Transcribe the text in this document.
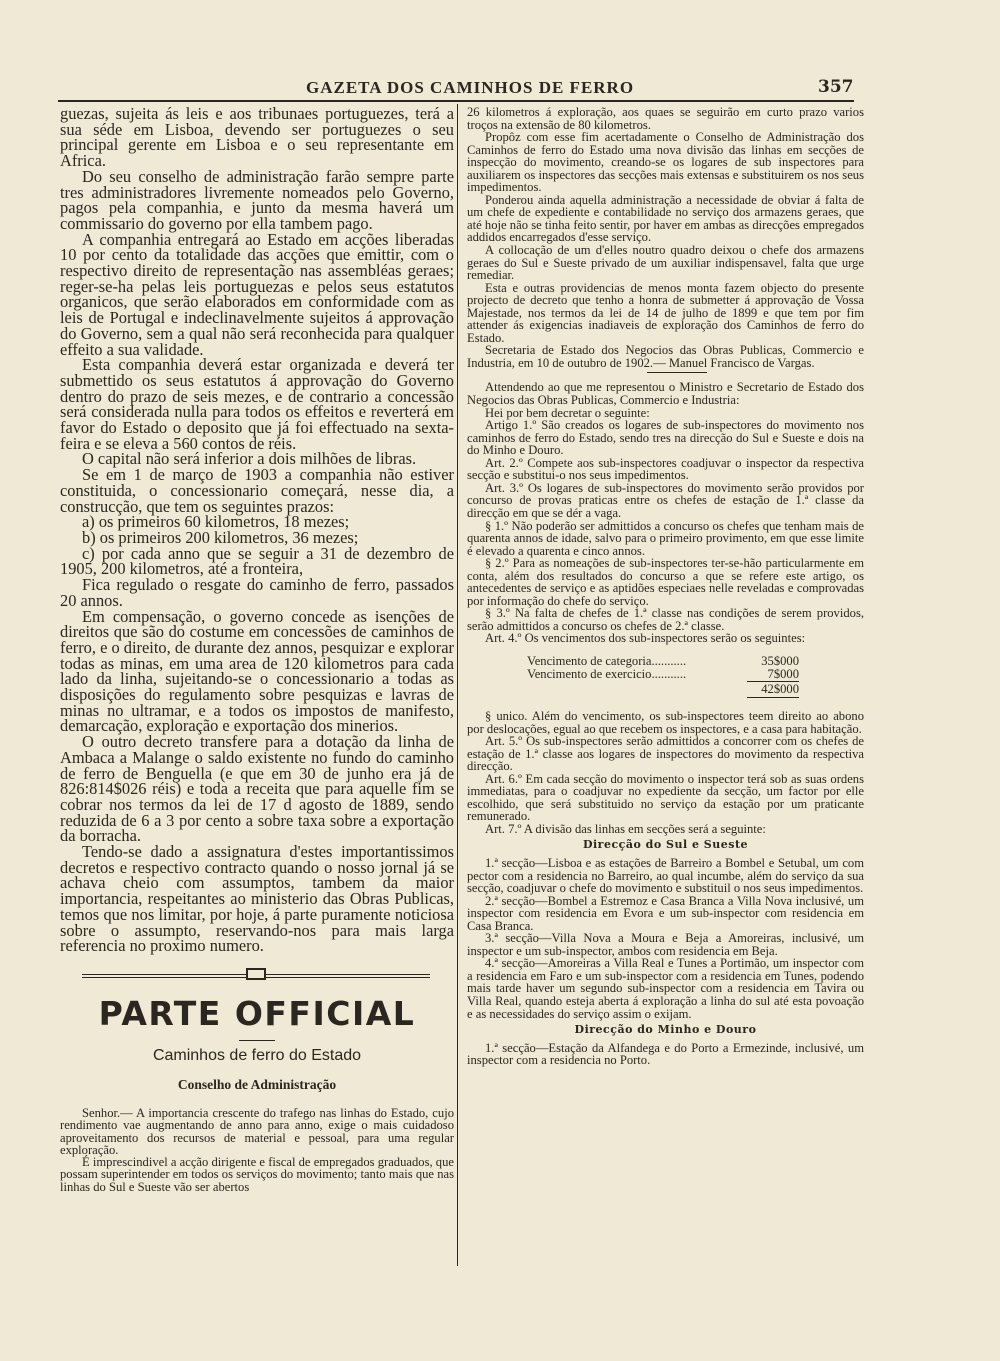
GAZETA DOS CAMINHOS DE FERRO	357

guezas, sujeita ás leis e aos tribunaes portuguezes, terá a sua séde em Lisboa, devendo ser portuguezes o seu principal gerente em Lisboa e o seu representante em Africa.

Do seu conselho de administração farão sempre parte tres administradores livremente nomeados pelo Governo, pagos pela companhia, e junto da mesma haverá um commissario do governo por ella tambem pago.

A companhia entregará ao Estado em acções liberadas 10 por cento da totalidade das acções que emittir, com o respectivo direito de representação nas assembléas geraes; reger-se-ha pelas leis portuguezas e pelos seus estatutos organicos, que serão elaborados em conformidade com as leis de Portugal e indeclinavelmente sujeitos á approvação do Governo, sem a qual não será reconhecida para qualquer effeito a sua validade.

Esta companhia deverá estar organizada e deverá ter submettido os seus estatutos á approvação do Governo dentro do prazo de seis mezes, e de contrario a concessão será considerada nulla para todos os effeitos e reverterá em favor do Estado o deposito que já foi effectuado na sexta-feira e se eleva a 560 contos de réis.

O capital não será inferior a dois milhões de libras.

Se em 1 de março de 1903 a companhia não estiver constituida, o concessionario começará, nesse dia, a construcção, que tem os seguintes prazos:

a) os primeiros 60 kilometros, 18 mezes;

b) os primeiros 200 kilometros, 36 mezes;

c) por cada anno que se seguir a 31 de dezembro de 1905, 200 kilometros, até a fronteira,

Fica regulado o resgate do caminho de ferro, passados 20 annos.

Em compensação, o governo concede as isenções de direitos que são do costume em concessões de caminhos de ferro, e o direito, de durante dez annos, pesquizar e explorar todas as minas, em uma area de 120 kilometros para cada lado da linha, sujeitando-se o concessionario a todas as disposições do regulamento sobre pesquizas e lavras de minas no ultramar, e a todos os impostos de manifesto, demarcação, exploração e exportação dos minerios.

O outro decreto transfere para a dotação da linha de Ambaca a Malange o saldo existente no fundo do caminho de ferro de Benguella (e que em 30 de junho era já de 826:814$026 réis) e toda a receita que para aquelle fim se cobrar nos termos da lei de 17 d agosto de 1889, sendo reduzida de 6 a 3 por cento a sobre taxa sobre a exportação da borracha.

Tendo-se dado a assignatura d'estes importantissimos decretos e respectivo contracto quando o nosso jornal já se achava cheio com assumptos, tambem da maior importancia, respeitantes ao ministerio das Obras Publicas, temos que nos limitar, por hoje, á parte puramente noticiosa sobre o assumpto, reservando-nos para mais larga referencia no proximo numero.

PARTE OFFICIAL
Caminhos de ferro do Estado
Conselho de Administração

Senhor.— A importancia crescente do trafego nas linhas do Estado, cujo rendimento vae augmentando de anno para anno, exige o mais cuidadoso aproveitamento dos recursos de material e pessoal, para uma regular exploração.

É imprescindivel a acção dirigente e fiscal de empregados graduados, que possam superintender em todos os serviços do movimento; tanto mais que nas linhas do Sul e Sueste vão ser abertos

26 kilometros á exploração, aos quaes se seguirão em curto prazo varios troços na extensão de 80 kilometros.

Propôz com esse fim acertadamente o Conselho de Administração dos Caminhos de ferro do Estado uma nova divisão das linhas em secções de inspecção do movimento, creando-se os logares de sub inspectores para auxiliarem os inspectores das secções mais extensas e substituirem os nos seus impedimentos.

Ponderou ainda aquella administração a necessidade de obviar á falta de um chefe de expediente e contabilidade no serviço dos armazens geraes, que até hoje não se tinha feito sentir, por haver em ambas as direcções empregados addidos encarregados d'esse serviço.

A collocação de um d'elles noutro quadro deixou o chefe dos armazens geraes do Sul e Sueste privado de um auxiliar indispensavel, falta que urge remediar.

Esta e outras providencias de menos monta fazem objecto do presente projecto de decreto que tenho a honra de submetter á approvação de Vossa Majestade, nos termos da lei de 14 de julho de 1899 e que tem por fim attender ás exigencias inadiaveis de exploração dos Caminhos de ferro do Estado.

Secretaria de Estado dos Negocios das Obras Publicas, Commercio e Industria, em 10 de outubro de 1902.— Manuel Francisco de Vargas.

Attendendo ao que me representou o Ministro e Secretario de Estado dos Negocios das Obras Publicas, Commercio e Industria:

Hei por bem decretar o seguinte:

Artigo 1.º São creados os logares de sub-inspectores do movimento nos caminhos de ferro do Estado, sendo tres na direcção do Sul e Sueste e dois na do Minho e Douro.

Art. 2.º Compete aos sub-inspectores coadjuvar o inspector da respectiva secção e substitui-o nos seus impedimentos.

Art. 3.º Os logares de sub-inspectores do movimento serão providos por concurso de provas praticas entre os chefes de estação de 1.ª classe da direcção em que se dér a vaga.

§ 1.º Não poderão ser admittidos a concurso os chefes que tenham mais de quarenta annos de idade, salvo para o primeiro provimento, em que esse limite é elevado a quarenta e cinco annos.

§ 2.º Para as nomeações de sub-inspectores ter-se-hão particularmente em conta, além dos resultados do concurso a que se refere este artigo, os antecedentes de serviço e as aptidões especiaes nelle reveladas e comprovadas por informação do chefe do serviço.

§ 3.º Na falta de chefes de 1.ª classe nas condições de serem providos, serão admittidos a concurso os chefes de 2.ª classe.

Art. 4.º Os vencimentos dos sub-inspectores serão os seguintes:

Vencimento de categoria...........	35$000
Vencimento de exercicio...........	7$000
42$000

§ unico. Além do vencimento, os sub-inspectores teem direito ao abono por deslocações, egual ao que recebem os inspectores, e a casa para habitação.

Art. 5.º Os sub-inspectores serão admittidos a concorrer com os chefes de estação de 1.ª classe aos logares de inspectores do movimento da respectiva direcção.

Art. 6.º Em cada secção do movimento o inspector terá sob as suas ordens immediatas, para o coadjuvar no expediente da secção, um factor por elle escolhido, que será substituido no serviço da estação por um praticante remunerado.

Art. 7.º A divisão das linhas em secções será a seguinte:

Direcção do Sul e Sueste

1.ª secção—Lisboa e as estações de Barreiro a Bombel e Setubal, um com pector com a residencia no Barreiro, ao qual incumbe, além do serviço da sua secção, coadjuvar o chefe do movimento e substituil o nos seus impedimentos.

2.ª secção—Bombel a Estremoz e Casa Branca a Villa Nova inclusivé, um inspector com residencia em Evora e um sub-inspector com residencia em Casa Branca.

3.ª secção—Villa Nova a Moura e Beja a Amoreiras, inclusivé, um inspector e um sub-inspector, ambos com residencia em Beja.

4.ª secção—Amoreiras a Villa Real e Tunes a Portimão, um inspector com a residencia em Faro e um sub-inspector com a residencia em Tunes, podendo mais tarde haver um segundo sub-inspector com a residencia em Tavira ou Villa Real, quando esteja aberta á exploração a linha do sul até esta povoação e as necessidades do serviço assim o exijam.

Direcção do Minho e Douro

1.ª secção—Estação da Alfandega e do Porto a Ermezinde, inclusivé, um inspector com a residencia no Porto.
